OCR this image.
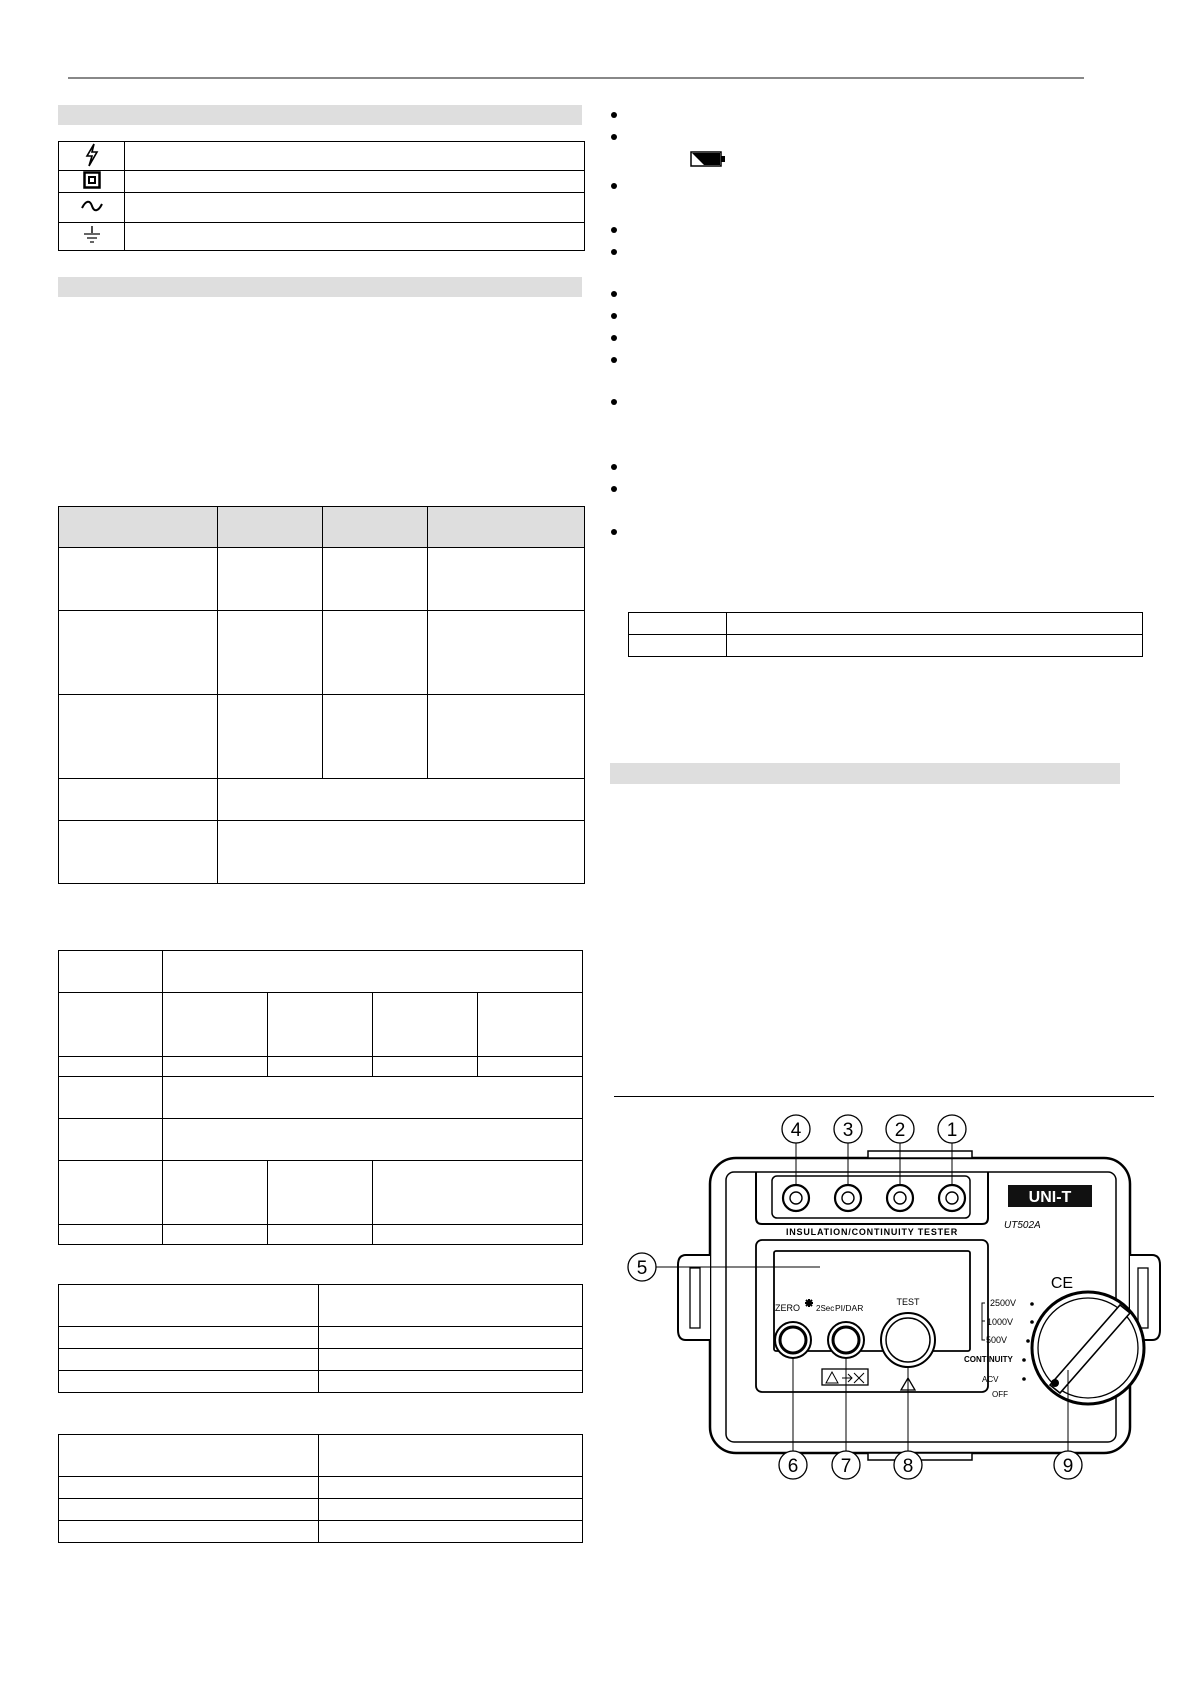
INSULATION/CONTINUITY TESTER
UNI-T
UT502A
CE
2500V
1000V
500V
CONTINUITY
ACV
OFF
ZERO 2Sec PI/DAR
TEST
4 3 2 1
5
6 7	8	9
